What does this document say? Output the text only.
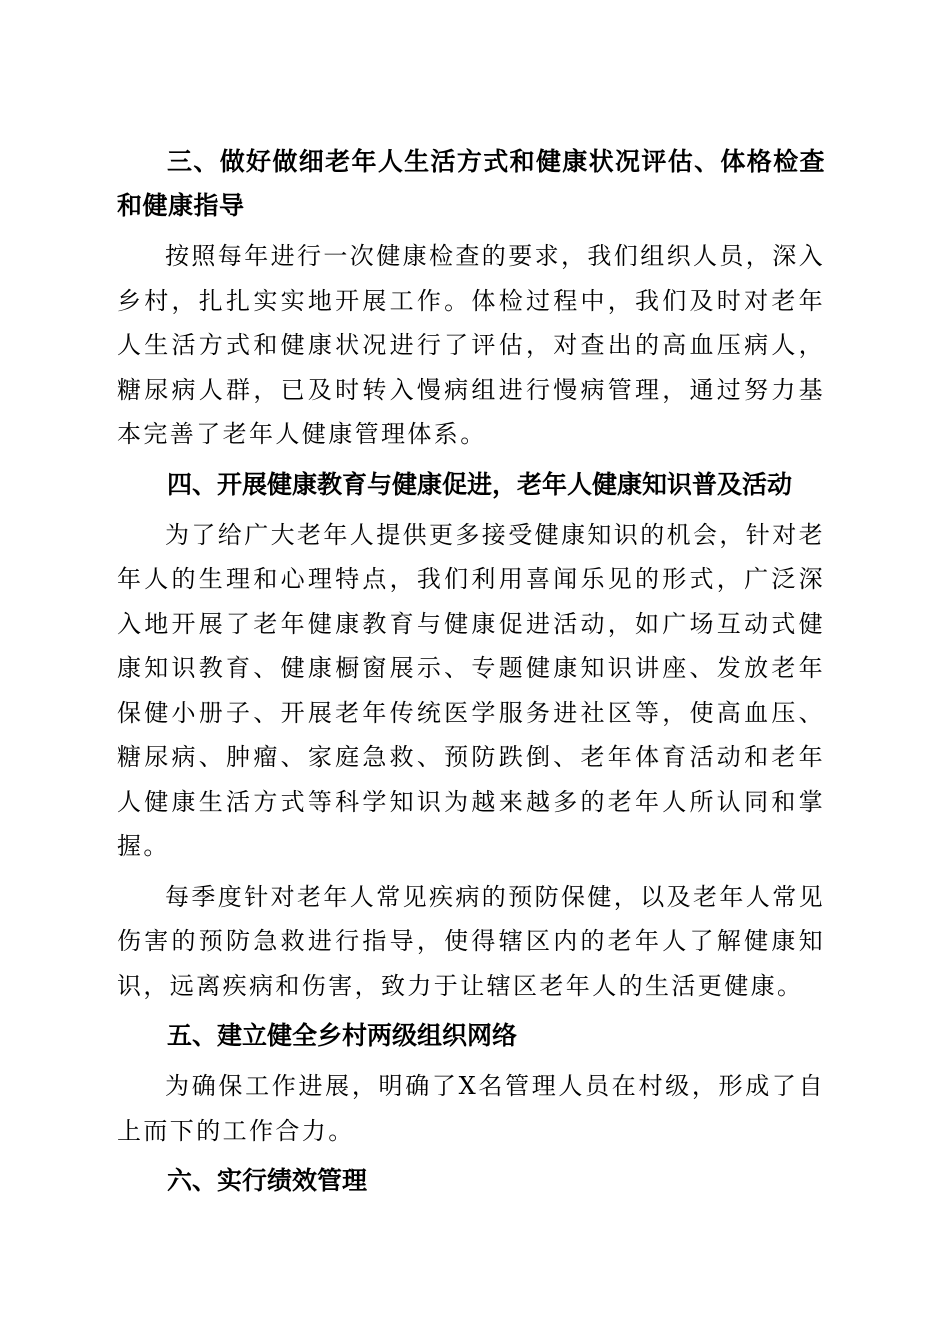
三、做好做细老年人生活方式和健康状况评估、体格检查和健康指导

按照每年进行一次健康检查的要求，我们组织人员，深入乡村，扎扎实实地开展工作。体检过程中，我们及时对老年人生活方式和健康状况进行了评估，对查出的高血压病人，糖尿病人群，已及时转入慢病组进行慢病管理，通过努力基本完善了老年人健康管理体系。

四、开展健康教育与健康促进，老年人健康知识普及活动

为了给广大老年人提供更多接受健康知识的机会，针对老年人的生理和心理特点，我们利用喜闻乐见的形式，广泛深入地开展了老年健康教育与健康促进活动，如广场互动式健康知识教育、健康橱窗展示、专题健康知识讲座、发放老年保健小册子、开展老年传统医学服务进社区等，使高血压、糖尿病、肿瘤、家庭急救、预防跌倒、老年体育活动和老年人健康生活方式等科学知识为越来越多的老年人所认同和掌握。

每季度针对老年人常见疾病的预防保健，以及老年人常见伤害的预防急救进行指导，使得辖区内的老年人了解健康知识，远离疾病和伤害，致力于让辖区老年人的生活更健康。

五、建立健全乡村两级组织网络

为确保工作进展，明确了X名管理人员在村级，形成了自上而下的工作合力。

六、实行绩效管理
